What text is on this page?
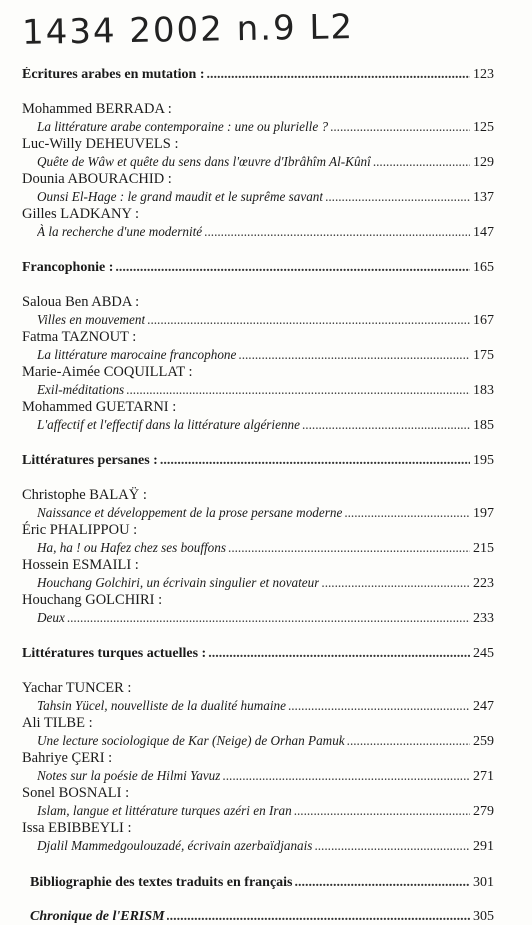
1434 2002 n.9 L2
Écritures arabes en mutation : .....	123
Mohammed BERRADA :
La littérature arabe contemporaine : une ou plurielle ? .....	125
Luc-Willy DEHEUVELS :
Quête de Wâw et quête du sens dans l'œuvre d'Ibrâhîm Al-Kûnî .....	129
Dounia ABOURACHID :
Ounsi El-Hage : le grand maudit et le suprême savant .....	137
Gilles LADKANY :
À la recherche d'une modernité .....	147
Francophonie : .....	165
Saloua Ben ABDA :
Villes en mouvement .....	167
Fatma TAZNOUT :
La littérature marocaine francophone .....	175
Marie-Aimée COQUILLAT :
Exil-méditations .....	183
Mohammed GUETARNI :
L'affectif et l'effectif dans la littérature algérienne .....	185
Littératures persanes : .....	195
Christophe BALAŸ :
Naissance et développement de la prose persane moderne .....	197
Éric PHALIPPOU :
Ha, ha ! ou Hafez chez ses bouffons .....	215
Hossein ESMAILI :
Houchang Golchiri, un écrivain singulier et novateur .....	223
Houchang GOLCHIRI :
Deux .....	233
Littératures turques actuelles : .....	245
Yachar TUNCER :
Tahsin Yücel, nouvelliste de la dualité humaine .....	247
Ali TILBE :
Une lecture sociologique de Kar (Neige) de Orhan Pamuk .....	259
Bahriye ÇERI :
Notes sur la poésie de Hilmi Yavuz .....	271
Sonel BOSNALI :
Islam, langue et littérature turques azéri en Iran .....	279
Issa EBIBBEYLI :
Djalil Mammedgoulouzadé, écrivain azerbaïdjanais .....	291
Bibliographie des textes traduits en français .....	301
Chronique de l'ERISM .....	305
